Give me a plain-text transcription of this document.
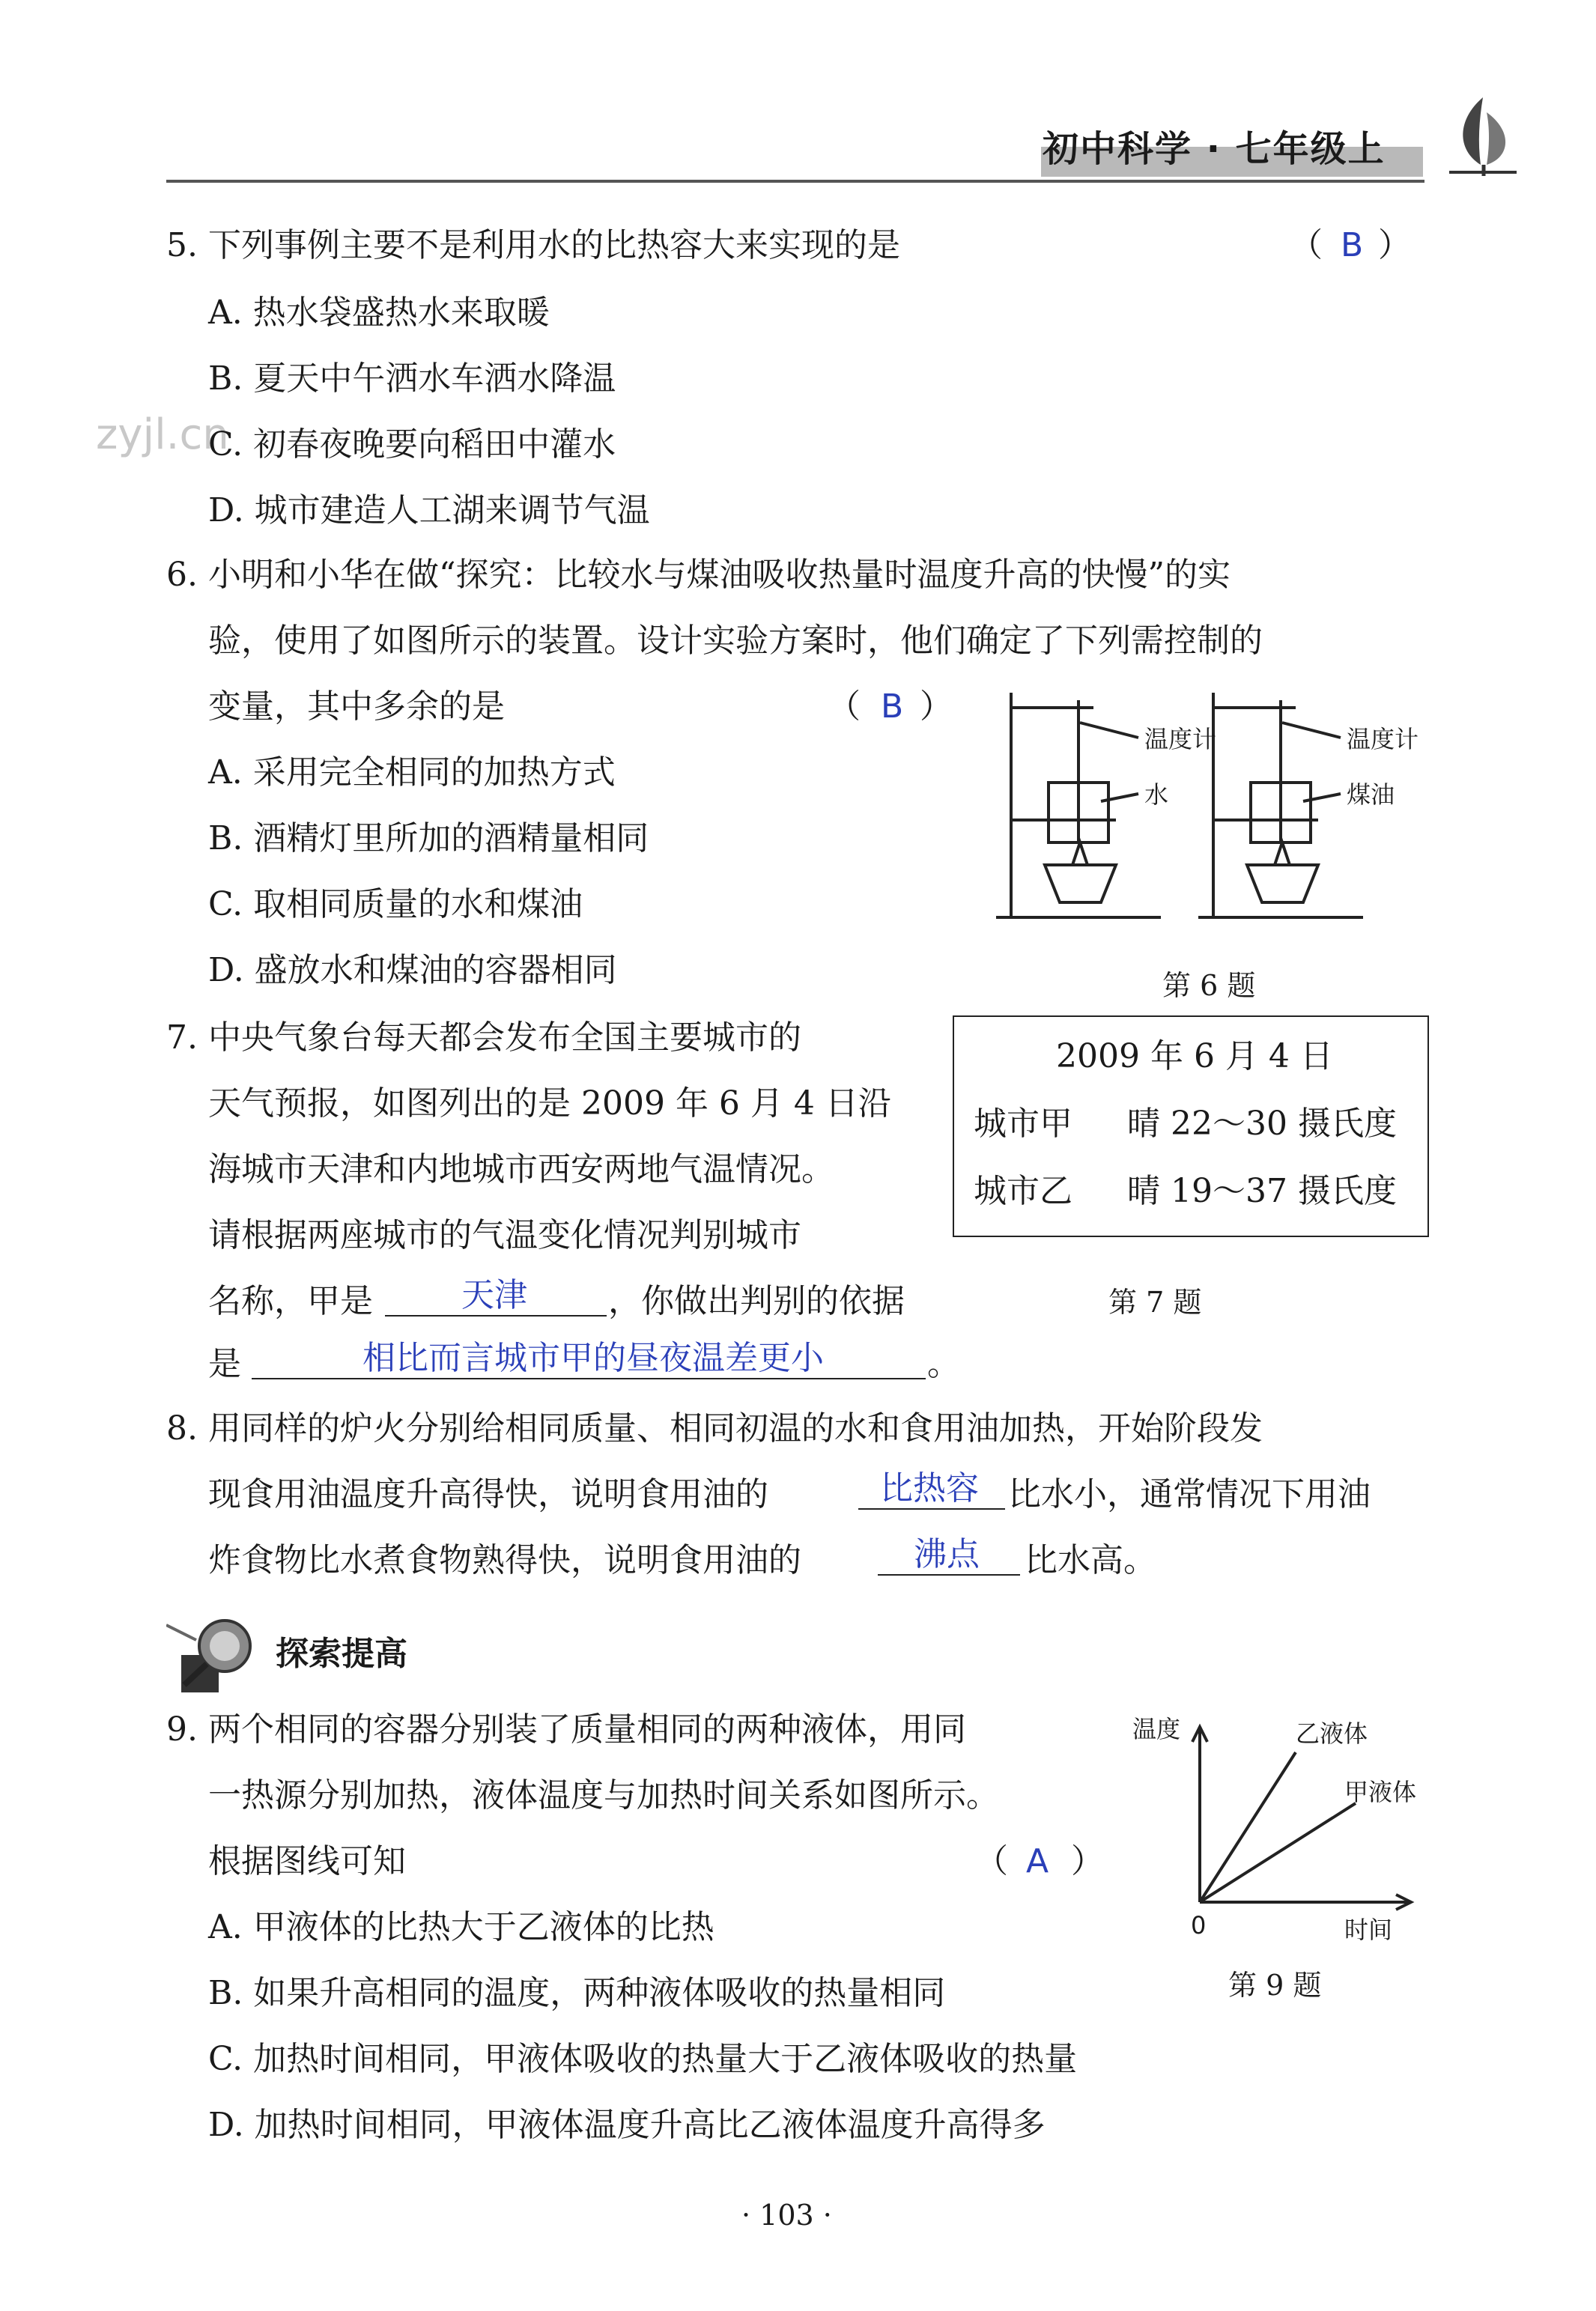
初中科学 · 七年级上
zyjl.cn
5. 下列事例主要不是利用水的比热容大来实现的是	（ B ）
A. 热水袋盛热水来取暖
B. 夏天中午洒水车洒水降温
C. 初春夜晚要向稻田中灌水
D. 城市建造人工湖来调节气温
6. 小明和小华在做“探究：比较水与煤油吸收热量时温度升高的快慢”的实
验，使用了如图所示的装置。设计实验方案时，他们确定了下列需控制的
变量，其中多余的是	（ B ）
A. 采用完全相同的加热方式
B. 酒精灯里所加的酒精量相同
C. 取相同质量的水和煤油
D. 盛放水和煤油的容器相同
温度计
水
温度计
煤油
第 6 题
7. 中央气象台每天都会发布全国主要城市的
天气预报，如图列出的是 2009 年 6 月 4 日沿
海城市天津和内地城市西安两地气温情况。
请根据两座城市的气温变化情况判别城市
名称，甲是	天津 ，你做出判别的依据
是	相比而言城市甲的昼夜温差更小	。
2009 年 6 月 4 日
城市甲 晴 22～30 摄氏度
城市乙 晴 19～37 摄氏度
第 7 题
8. 用同样的炉火分别给相同质量、相同初温的水和食用油加热，开始阶段发
现食用油温度升高得快，说明食用油的	比热容 比水小，通常情况下用油
炸食物比水煮食物熟得快，说明食用油的	沸点 比水高。
探索提高
9. 两个相同的容器分别装了质量相同的两种液体，用同
一热源分别加热，液体温度与加热时间关系如图所示。
根据图线可知	（ A ）
A. 甲液体的比热大于乙液体的比热
B. 如果升高相同的温度，两种液体吸收的热量相同
C. 加热时间相同，甲液体吸收的热量大于乙液体吸收的热量
D. 加热时间相同，甲液体温度升高比乙液体温度升高得多
温度	乙液体
甲液体
0	时间
第 9 题
· 103 ·
